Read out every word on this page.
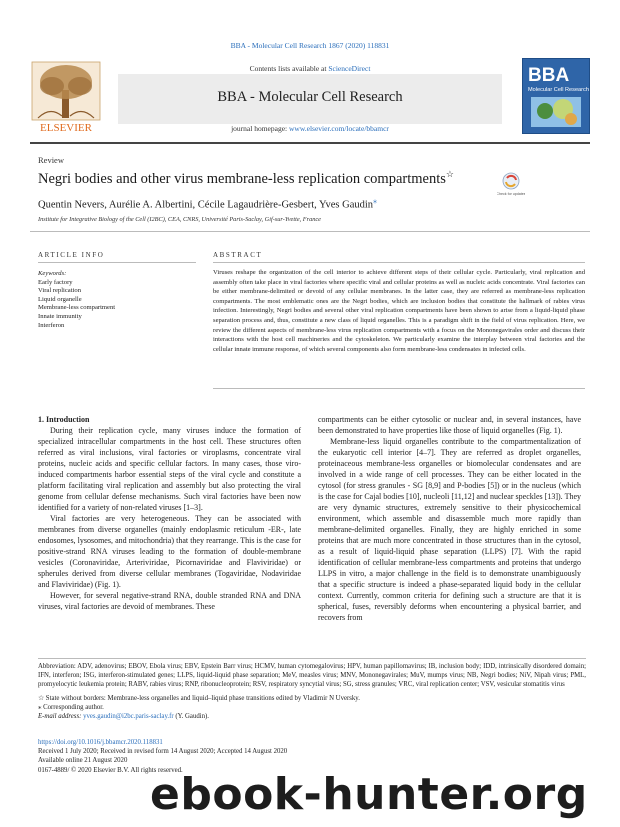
BBA - Molecular Cell Research 1867 (2020) 118831
ELSEVIER
Contents lists available at ScienceDirect
BBA - Molecular Cell Research
journal homepage: www.elsevier.com/locate/bbamcr
BBA
Molecular Cell Research
Review
Negri bodies and other virus membrane-less replication compartments☆
Check for updates
Quentin Nevers, Aurélie A. Albertini, Cécile Lagaudrière-Gesbert, Yves Gaudin⁎
Institute for Integrative Biology of the Cell (I2BC), CEA, CNRS, Université Paris-Saclay, Gif-sur-Yvette, France
ARTICLE INFO	ABSTRACT
Keywords:
Early factory
Viral replication
Liquid organelle
Membrane-less compartment
Innate immunity
Interferon
Viruses reshape the organization of the cell interior to achieve different steps of their cellular cycle. Particularly, viral replication and assembly often take place in viral factories where specific viral and cellular proteins as well as nucleic acids concentrate. Viral factories can be either membrane-delimited or devoid of any cellular membranes. In the latter case, they are referred as membrane-less replication compartments. The most emblematic ones are the Negri bodies, which are inclusion bodies that constitute the hallmark of rabies virus infection. Interestingly, Negri bodies and several other viral replication compartments have been shown to arise from a liquid-liquid phase separation process and, thus, constitute a new class of liquid organelles. This is a paradigm shift in the field of virus replication. Here, we review the different aspects of membrane-less virus replication compartments with a focus on the Mononegavirales order and discuss their interactions with the host cell machineries and the cytoskeleton. We particularly examine the interplay between viral factories and the cellular innate immune response, of which several components also form membrane-less condensates in infected cells.

1. Introduction

During their replication cycle, many viruses induce the formation of specialized intracellular compartments in the host cell. These structures often referred as viral inclusions, viral factories or viroplasms, concentrate viral proteins, nucleic acids and specific cellular factors. In many cases, those viro-induced compartments harbor essential steps of the viral cycle and constitute a platform facilitating viral replication and assembly but also protecting the viral genome from cellular defense mechanisms. Such viral factories have been now identified for a variety of non-related viruses [1–3].

Viral factories are very heterogeneous. They can be associated with membranes from diverse organelles (mainly endoplasmic reticulum -ER-, late endosomes, lysosomes, and mitochondria) that they rearrange. This is the case for positive-strand RNA viruses leading to the formation of double-membrane vesicles (Coronaviridae, Arteriviridae, Picornaviridae and Flaviviridae) or spherules derived from diverse cellular membranes (Togaviridae, Nodaviridae and Flaviviridae) (Fig. 1).

However, for several negative-strand RNA, double stranded RNA and DNA viruses, viral factories are devoid of membranes. These

compartments can be either cytosolic or nuclear and, in several instances, have been demonstrated to have properties like those of liquid organelles (Fig. 1).

Membrane-less liquid organelles contribute to the compartmentalization of the eukaryotic cell interior [4–7]. They are referred as droplet organelles, proteinaceous membrane-less organelles or biomolecular condensates and are involved in a wide range of cell processes. They can be either located in the cytosol (for stress granules - SG [8,9] and P-bodies [5]) or in the nucleus (which is the case for Cajal bodies [10], nucleoli [11,12] and nuclear speckles [13]). They are very dynamic structures, extremely sensitive to their physicochemical environment, which assemble and disassemble much more rapidly than membrane-delimited organelles. Finally, they are highly enriched in some proteins that are much more concentrated in those structures than in the cytosol, as a result of liquid-liquid phase separation (LLPS) [7]. With the rapid identification of cellular membrane-less compartments and proteins that undergo LLPS in vitro, a major challenge in the field is to demonstrate unambiguously that a specific structure is indeed a phase-separated liquid body in the cellular context. Currently, common criteria for defining such a structure are that it is spherical, fuses, reversibly deforms when encountering a physical barrier, and recovers from

Abbreviation: ADV, adenovirus; EBOV, Ebola virus; EBV, Epstein Barr virus; HCMV, human cytomegalovirus; HPV, human papillomavirus; IB, inclusion body; IDD, intrinsically disordered domain; IFN, interferon; ISG, interferon-stimulated genes; LLPS, liquid-liquid phase separation; MeV, measles virus; MNV, Mononegavirales; MuV, mumps virus; NB, Negri bodies; NiV, Nipah virus; PML, promyelocytic leukemia protein; RABV, rabies virus; RNP, ribonucleoprotein; RSV, respiratory syncytial virus; SG, stress granules; VRC, viral replication center; VSV, vesicular stomatitis virus

☆ State without borders: Membrane-less organelles and liquid–liquid phase transitions edited by Vladimir N Uversky.

⁎ Corresponding author.

E-mail address: yves.gaudin@i2bc.paris-saclay.fr (Y. Gaudin).

https://doi.org/10.1016/j.bbamcr.2020.118831

Received 1 July 2020; Received in revised form 14 August 2020; Accepted 14 August 2020

Available online 21 August 2020

0167-4889/ © 2020 Elsevier B.V. All rights reserved.

ebook-hunter.org
